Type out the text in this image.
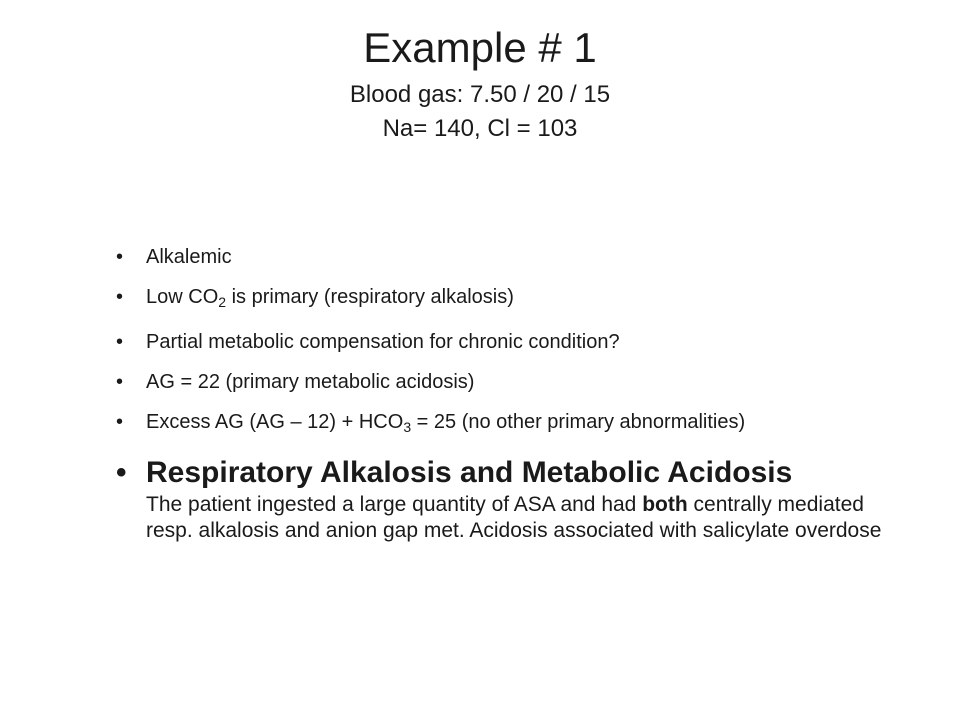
Example # 1
Blood gas: 7.50 / 20 / 15
Na= 140, Cl = 103
• Alkalemic
• Low $CO_2$ is primary (respiratory alkalosis)
• Partial metabolic compensation for chronic condition?
• AG = 22 (primary metabolic acidosis)
• Excess AG $(AG - 12) + HCO_3 = 25$ (no other primary abnormalities)
• Respiratory Alkalosis and Metabolic Acidosis
The patient ingested a large quantity of ASA and had both centrally mediated resp. alkalosis and anion gap met. Acidosis associated with salicylate overdose
